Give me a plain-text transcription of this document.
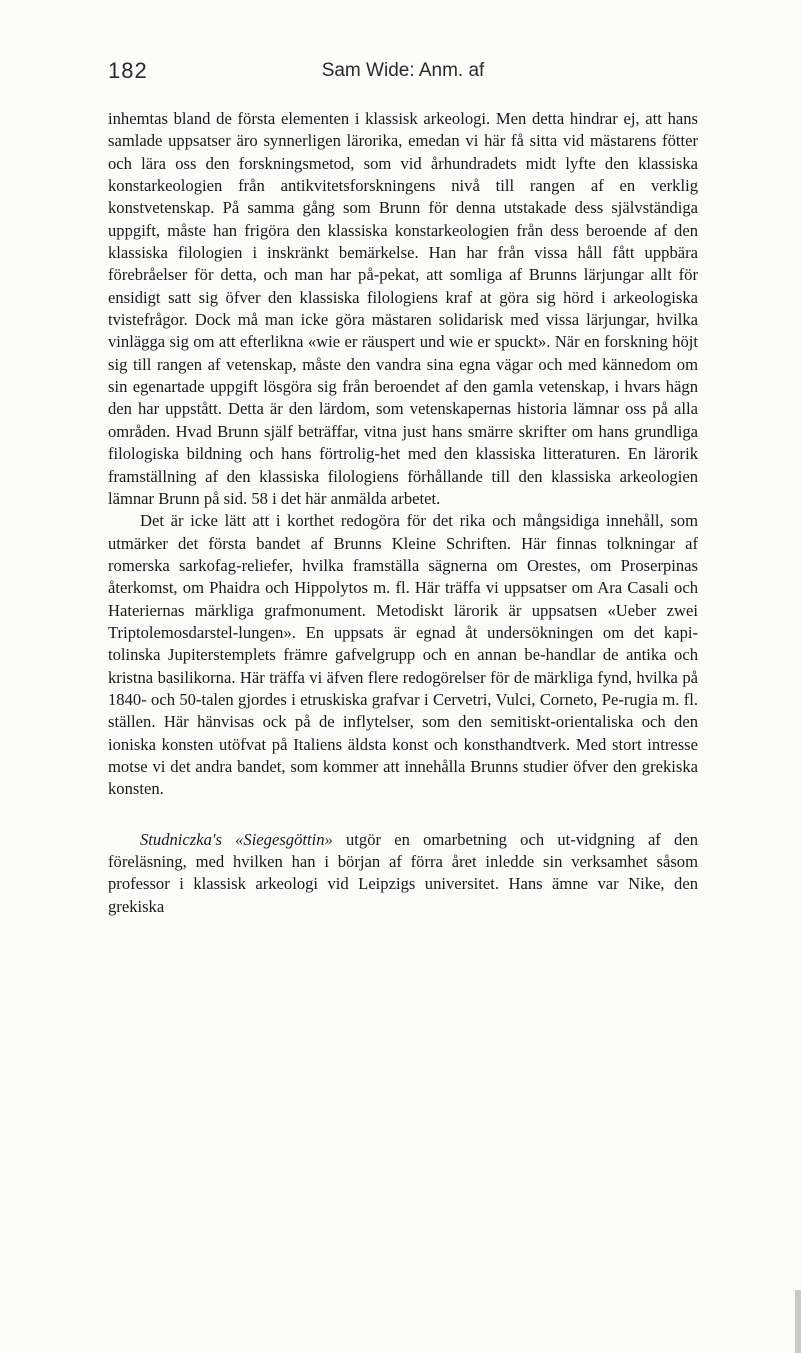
182	Sam Wide: Anm. af

inhemtas bland de första elementen i klassisk arkeologi. Men detta hindrar ej, att hans samlade uppsatser äro synnerligen lärorika, emedan vi här få sitta vid mästarens fötter och lära oss den forskningsmetod, som vid århundradets midt lyfte den klassiska konstarkeologien från antikvitetsforskningens nivå till rangen af en verklig konstvetenskap. På samma gång som Brunn för denna utstakade dess självständiga uppgift, måste han frigöra den klassiska konstarkeologien från dess beroende af den klassiska filologien i inskränkt bemärkelse. Han har från vissa håll fått uppbära förebråelser för detta, och man har på-pekat, att somliga af Brunns lärjungar allt för ensidigt satt sig öfver den klassiska filologiens kraf at göra sig hörd i arkeologiska tvistefrågor. Dock må man icke göra mästaren solidarisk med vissa lärjungar, hvilka vinlägga sig om att efterlikna «wie er räuspert und wie er spuckt». När en forskning höjt sig till rangen af vetenskap, måste den vandra sina egna vägar och med kännedom om sin egenartade uppgift lösgöra sig från beroendet af den gamla vetenskap, i hvars hägn den har uppstått. Detta är den lärdom, som vetenskapernas historia lämnar oss på alla områden. Hvad Brunn själf beträffar, vitna just hans smärre skrifter om hans grundliga filologiska bildning och hans förtrolig-het med den klassiska litteraturen. En lärorik framställning af den klassiska filologiens förhållande till den klassiska arkeologien lämnar Brunn på sid. 58 i det här anmälda arbetet.

Det är icke lätt att i korthet redogöra för det rika och mångsidiga innehåll, som utmärker det första bandet af Brunns Kleine Schriften. Här finnas tolkningar af romerska sarkofag-reliefer, hvilka framställa sägnerna om Orestes, om Proserpinas återkomst, om Phaidra och Hippolytos m. fl. Här träffa vi uppsatser om Ara Casali och Hateriernas märkliga grafmonument. Metodiskt lärorik är uppsatsen «Ueber zwei Triptolemosdarstel-lungen». En uppsats är egnad åt undersökningen om det kapi-tolinska Jupiterstemplets främre gafvelgrupp och en annan be-handlar de antika och kristna basilikorna. Här träffa vi äfven flere redogörelser för de märkliga fynd, hvilka på 1840- och 50-talen gjordes i etruskiska grafvar i Cervetri, Vulci, Corneto, Pe-rugia m. fl. ställen. Här hänvisas ock på de inflytelser, som den semitiskt-orientaliska och den ioniska konsten utöfvat på Italiens äldsta konst och konsthandtverk. Med stort intresse motse vi det andra bandet, som kommer att innehålla Brunns studier öfver den grekiska konsten.

Studniczka's «Siegesgöttin» utgör en omarbetning och ut-vidgning af den föreläsning, med hvilken han i början af förra året inledde sin verksamhet såsom professor i klassisk arkeologi vid Leipzigs universitet. Hans ämne var Nike, den grekiska
